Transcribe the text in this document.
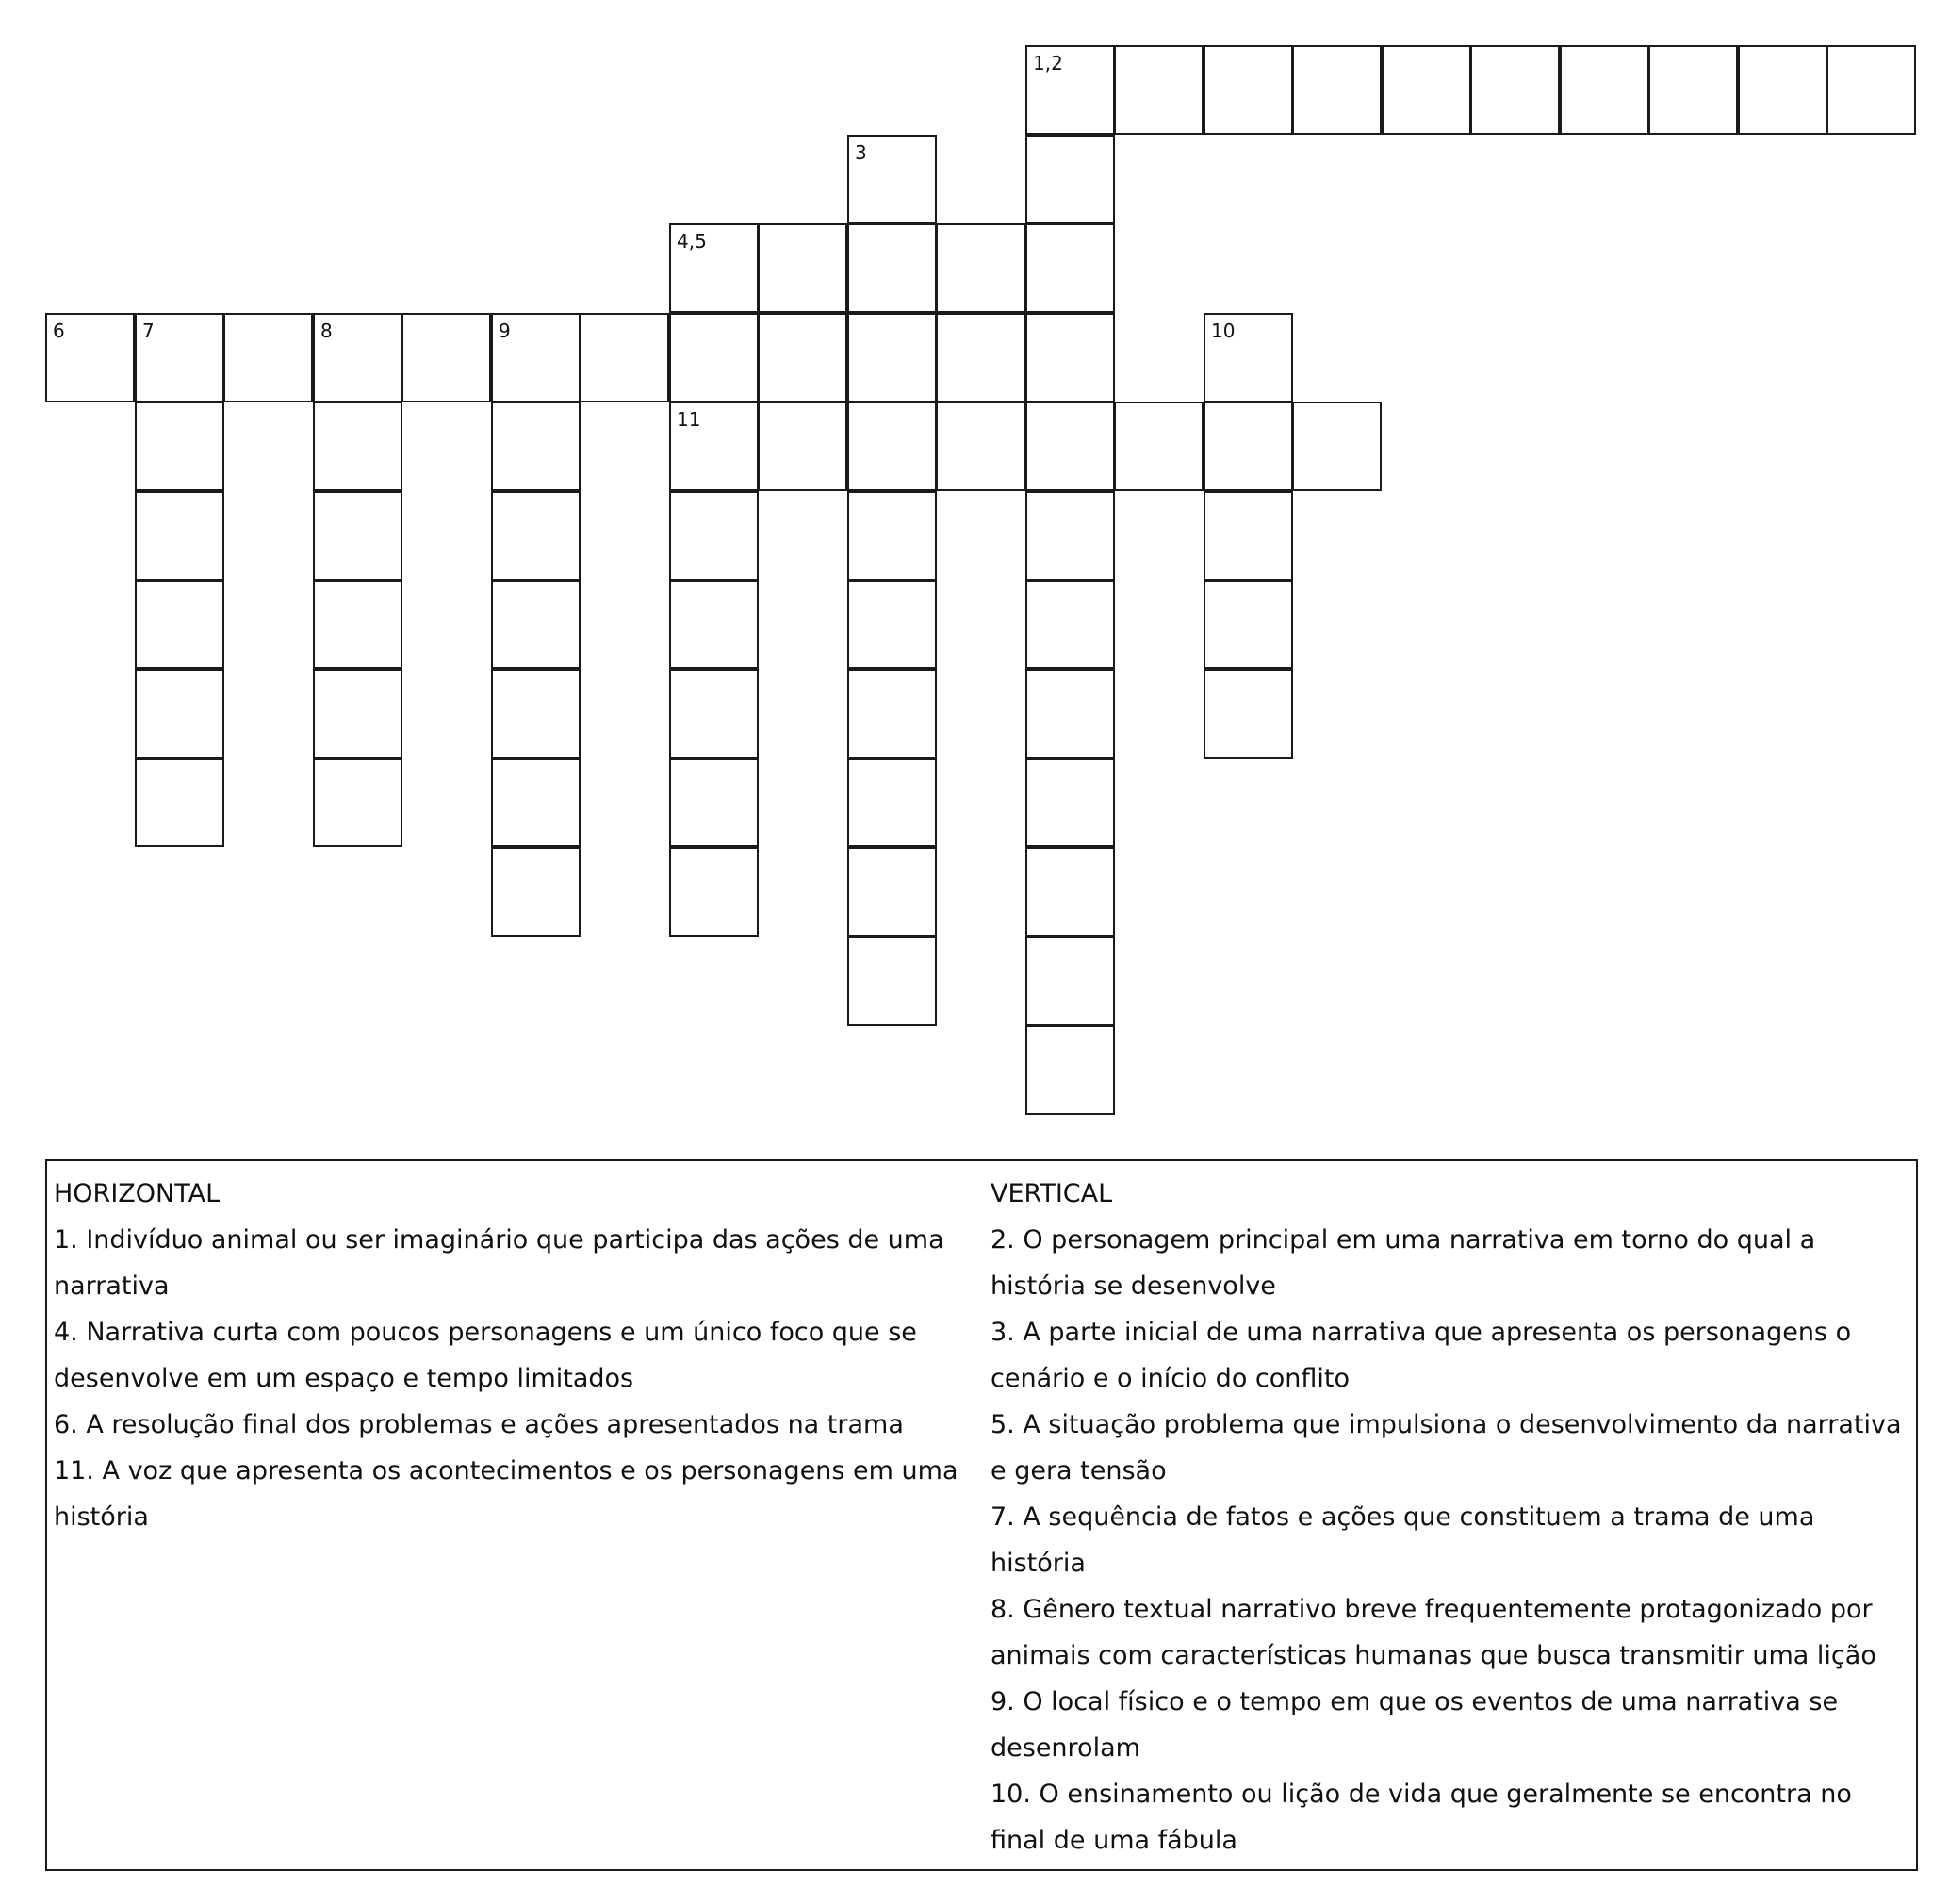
1,2
3
4,5
6	7	8	9	10
11
HORIZONTAL
1. Indivíduo animal ou ser imaginário que participa das ações de uma narrativa
4. Narrativa curta com poucos personagens e um único foco que se desenvolve em um espaço e tempo limitados
6. A resolução final dos problemas e ações apresentados na trama
11. A voz que apresenta os acontecimentos e os personagens em uma história
VERTICAL
2. O personagem principal em uma narrativa em torno do qual a história se desenvolve
3. A parte inicial de uma narrativa que apresenta os personagens o cenário e o início do conflito
5. A situação problema que impulsiona o desenvolvimento da narrativa e gera tensão
7. A sequência de fatos e ações que constituem a trama de uma história
8. Gênero textual narrativo breve frequentemente protagonizado por animais com características humanas que busca transmitir uma lição
9. O local físico e o tempo em que os eventos de uma narrativa se desenrolam
10. O ensinamento ou lição de vida que geralmente se encontra no final de uma fábula
